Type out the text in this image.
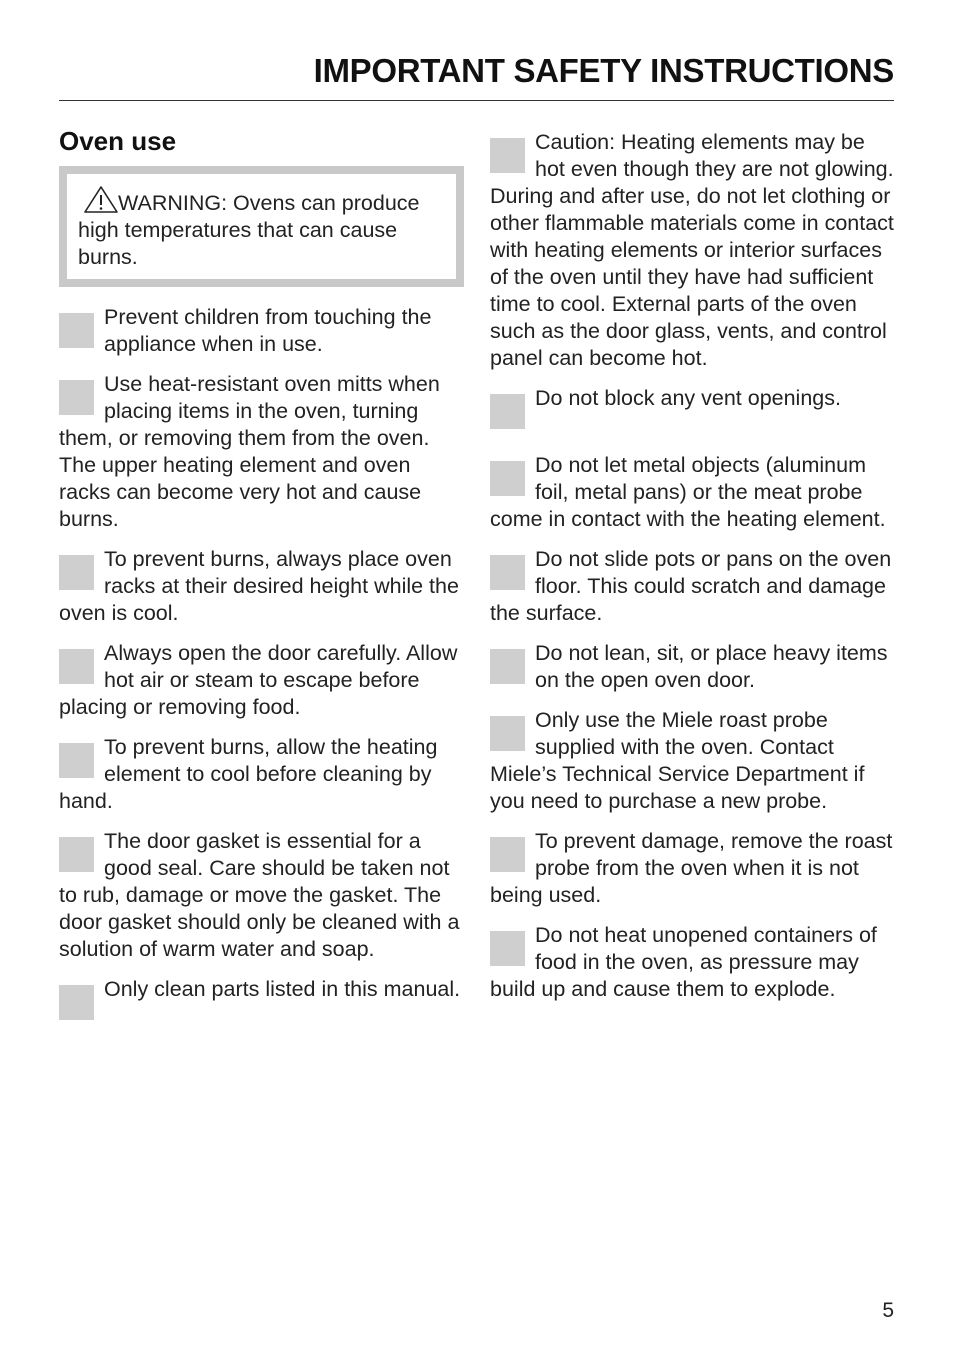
IMPORTANT SAFETY INSTRUCTIONS
Oven use
WARNING: Ovens can produce high temperatures that can cause burns.
Prevent children from touching the appliance when in use.
Use heat-resistant oven mitts when placing items in the oven, turning them, or removing them from the oven. The upper heating element and oven racks can become very hot and cause burns.
To prevent burns, always place oven racks at their desired height while the oven is cool.
Always open the door carefully. Allow hot air or steam to escape before placing or removing food.
To prevent burns, allow the heating element to cool before cleaning by hand.
The door gasket is essential for a good seal. Care should be taken not to rub, damage or move the gasket. The door gasket should only be cleaned with a solution of warm water and soap.
Only clean parts listed in this manual.
Caution: Heating elements may be hot even though they are not glowing. During and after use, do not let clothing or other flammable materials come in contact with heating elements or interior surfaces of the oven until they have had sufficient time to cool. External parts of the oven such as the door glass, vents, and control panel can become hot.
Do not block any vent openings.
Do not let metal objects (aluminum foil, metal pans) or the meat probe come in contact with the heating element.
Do not slide pots or pans on the oven floor. This could scratch and damage the surface.
Do not lean, sit, or place heavy items on the open oven door.
Only use the Miele roast probe supplied with the oven. Contact Miele’s Technical Service Department if you need to purchase a new probe.
To prevent damage, remove the roast probe from the oven when it is not being used.
Do not heat unopened containers of food in the oven, as pressure may build up and cause them to explode.
5
